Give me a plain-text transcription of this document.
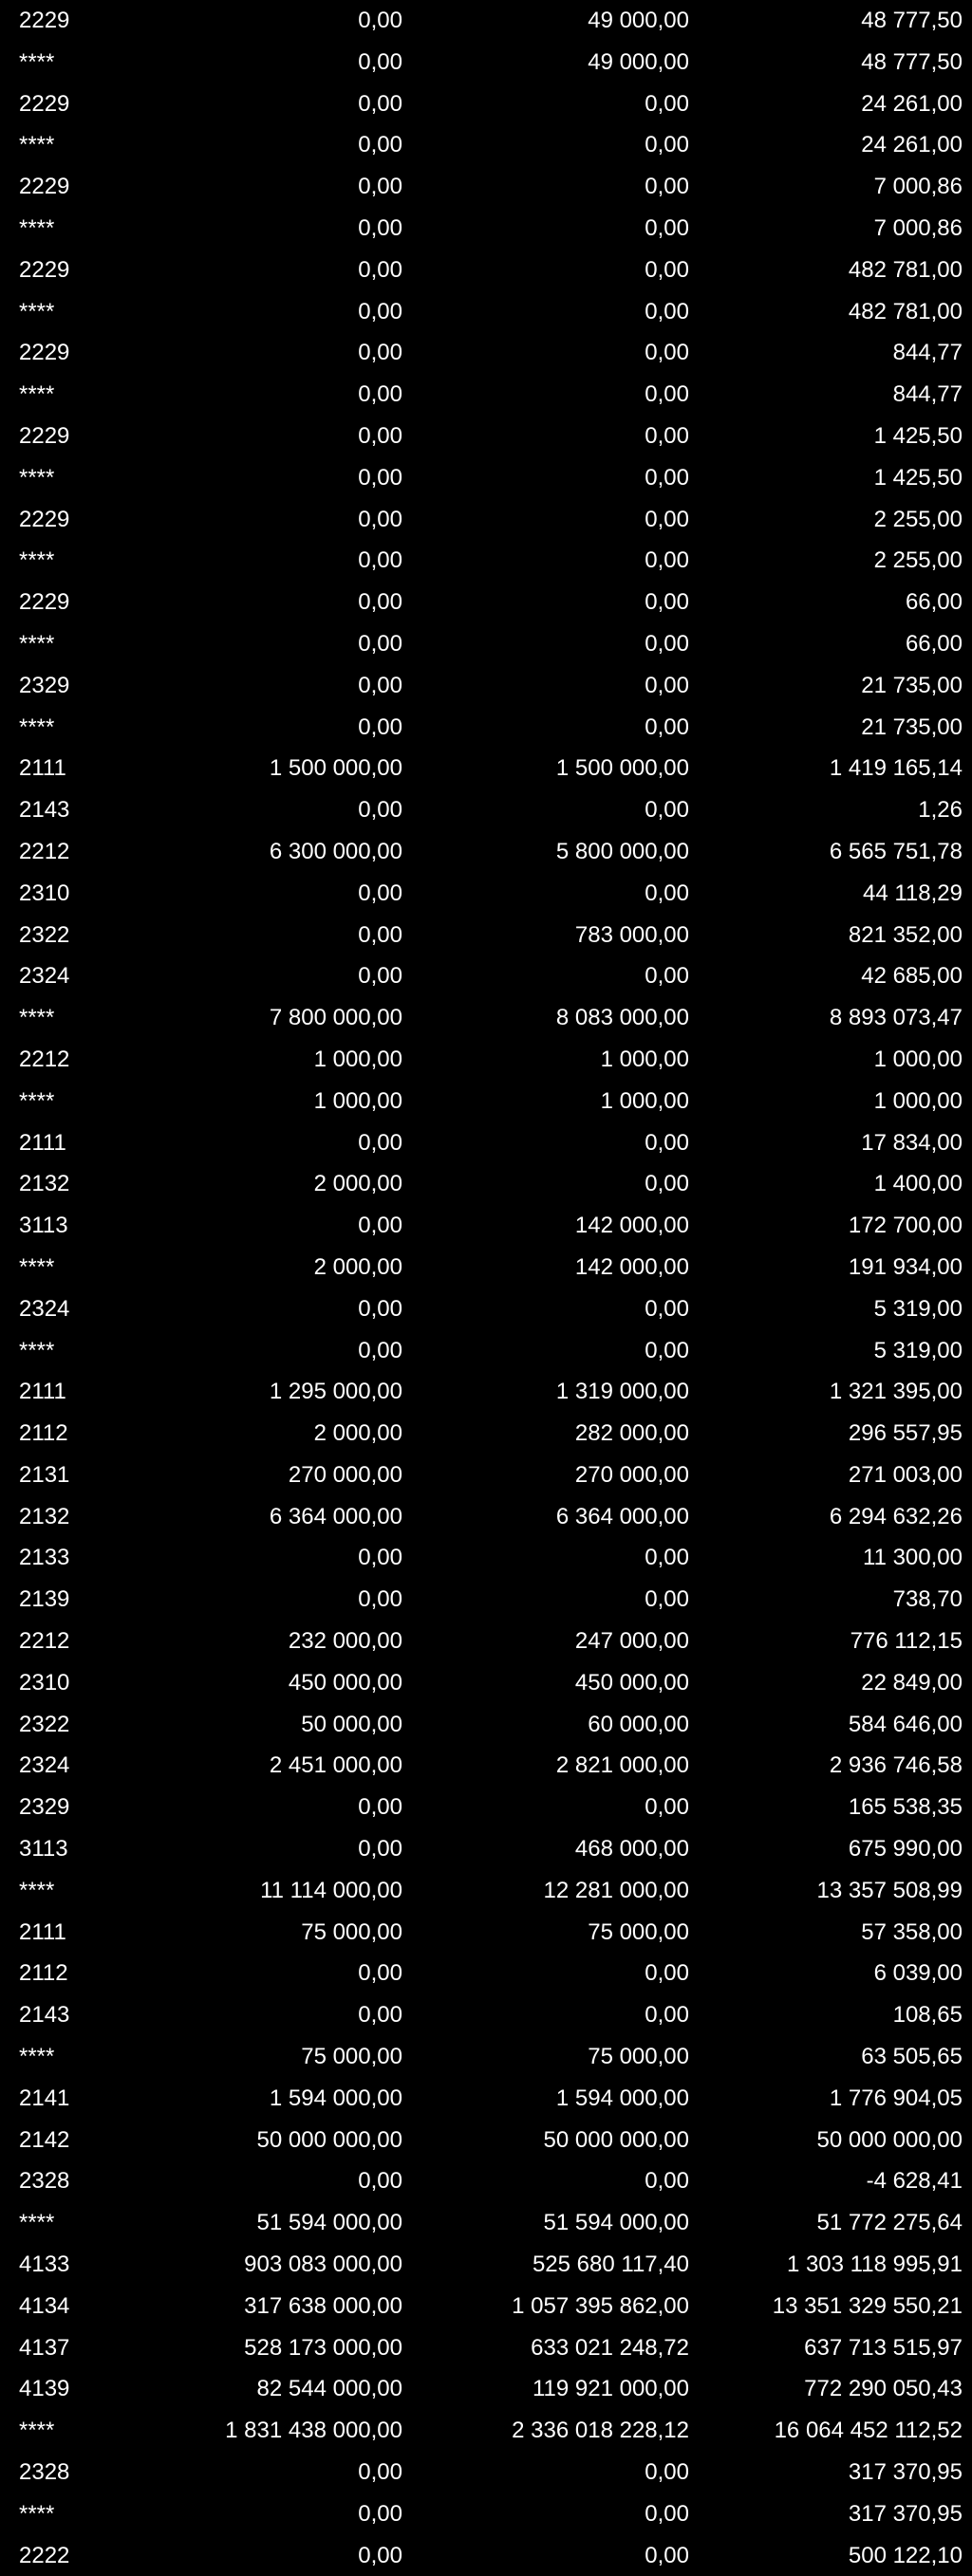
2229	0,00	49 000,00	48 777,50
****	0,00	49 000,00	48 777,50
2229	0,00	0,00	24 261,00
****	0,00	0,00	24 261,00
2229	0,00	0,00	7 000,86
****	0,00	0,00	7 000,86
2229	0,00	0,00	482 781,00
****	0,00	0,00	482 781,00
2229	0,00	0,00	844,77
****	0,00	0,00	844,77
2229	0,00	0,00	1 425,50
****	0,00	0,00	1 425,50
2229	0,00	0,00	2 255,00
****	0,00	0,00	2 255,00
2229	0,00	0,00	66,00
****	0,00	0,00	66,00
2329	0,00	0,00	21 735,00
****	0,00	0,00	21 735,00
2111	1 500 000,00	1 500 000,00	1 419 165,14
2143	0,00	0,00	1,26
2212	6 300 000,00	5 800 000,00	6 565 751,78
2310	0,00	0,00	44 118,29
2322	0,00	783 000,00	821 352,00
2324	0,00	0,00	42 685,00
****	7 800 000,00	8 083 000,00	8 893 073,47
2212	1 000,00	1 000,00	1 000,00
****	1 000,00	1 000,00	1 000,00
2111	0,00	0,00	17 834,00
2132	2 000,00	0,00	1 400,00
3113	0,00	142 000,00	172 700,00
****	2 000,00	142 000,00	191 934,00
2324	0,00	0,00	5 319,00
****	0,00	0,00	5 319,00
2111	1 295 000,00	1 319 000,00	1 321 395,00
2112	2 000,00	282 000,00	296 557,95
2131	270 000,00	270 000,00	271 003,00
2132	6 364 000,00	6 364 000,00	6 294 632,26
2133	0,00	0,00	11 300,00
2139	0,00	0,00	738,70
2212	232 000,00	247 000,00	776 112,15
2310	450 000,00	450 000,00	22 849,00
2322	50 000,00	60 000,00	584 646,00
2324	2 451 000,00	2 821 000,00	2 936 746,58
2329	0,00	0,00	165 538,35
3113	0,00	468 000,00	675 990,00
****	11 114 000,00	12 281 000,00	13 357 508,99
2111	75 000,00	75 000,00	57 358,00
2112	0,00	0,00	6 039,00
2143	0,00	0,00	108,65
****	75 000,00	75 000,00	63 505,65
2141	1 594 000,00	1 594 000,00	1 776 904,05
2142	50 000 000,00	50 000 000,00	50 000 000,00
2328	0,00	0,00	-4 628,41
****	51 594 000,00	51 594 000,00	51 772 275,64
4133	903 083 000,00	525 680 117,40	1 303 118 995,91
4134	317 638 000,00	1 057 395 862,00	13 351 329 550,21
4137	528 173 000,00	633 021 248,72	637 713 515,97
4139	82 544 000,00	119 921 000,00	772 290 050,43
****	1 831 438 000,00	2 336 018 228,12	16 064 452 112,52
2328	0,00	0,00	317 370,95
****	0,00	0,00	317 370,95
2222	0,00	0,00	500 122,10
